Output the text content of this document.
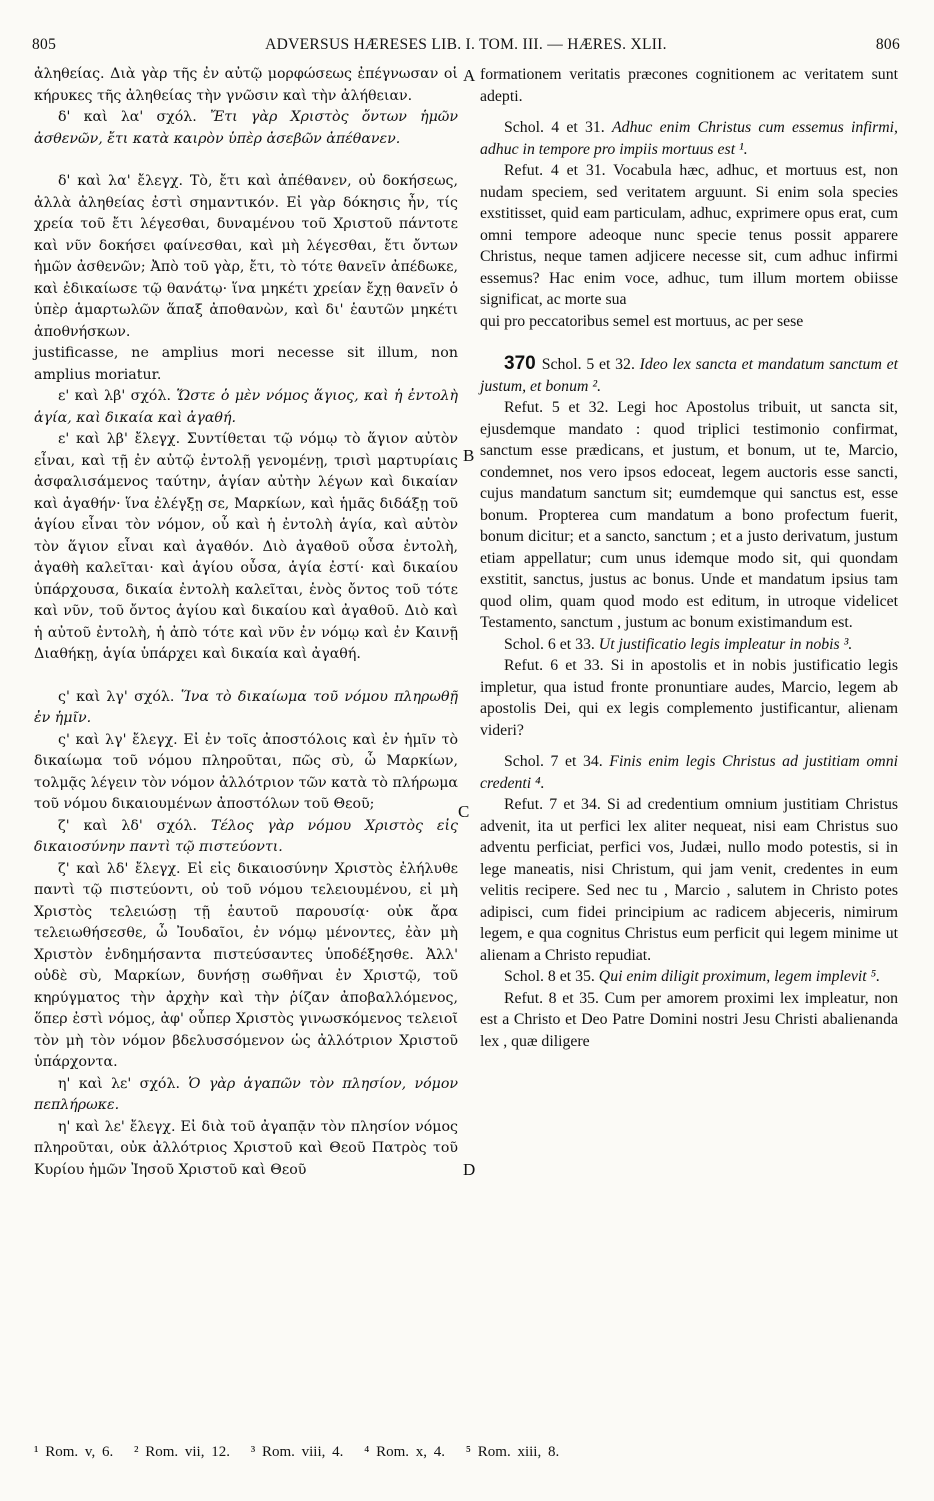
805	ADVERSUS HÆRESES LIB. I. TOM. III. — HÆRES. XLII.	806
A
B
C
D

ἀληθείας. Διὰ γὰρ τῆς ἐν αὐτῷ μορφώσεως ἐπέγνωσαν οἱ κήρυκες τῆς ἀληθείας τὴν γνῶσιν καὶ τὴν ἀλήθειαν.

δ' καὶ λα' σχόλ. Ἔτι γὰρ Χριστὸς ὄντων ἡμῶν ἀσθενῶν, ἔτι κατὰ καιρὸν ὑπὲρ ἀσεβῶν ἀπέθανεν.

δ' καὶ λα' ἔλεγχ. Τὸ, ἔτι καὶ ἀπέθανεν, οὐ δοκήσεως, ἀλλὰ ἀληθείας ἐστὶ σημαντικόν. Εἰ γὰρ δόκησις ἦν, τίς χρεία τοῦ ἔτι λέγεσθαι, δυναμένου τοῦ Χριστοῦ πάντοτε καὶ νῦν δοκήσει φαίνεσθαι, καὶ μὴ λέγεσθαι, ἔτι ὄντων ἡμῶν ἀσθενῶν; Ἀπὸ τοῦ γὰρ, ἔτι, τὸ τότε θανεῖν ἀπέδωκε, καὶ ἐδικαίωσε τῷ θανάτῳ· ἵνα μηκέτι χρείαν ἔχῃ θανεῖν ὁ ὑπὲρ ἁμαρτωλῶν ἅπαξ ἀποθανὼν, καὶ δι' ἑαυτῶν μηκέτι ἀποθνήσκων.

justificasse, ne amplius mori necesse sit illum, non amplius moriatur.

ε' καὶ λβ' σχόλ. Ὥστε ὁ μὲν νόμος ἅγιος, καὶ ἡ ἐντολὴ ἁγία, καὶ δικαία καὶ ἀγαθή.

ε' καὶ λβ' ἔλεγχ. Συντίθεται τῷ νόμῳ τὸ ἅγιον αὐτὸν εἶναι, καὶ τῇ ἐν αὐτῷ ἐντολῇ γενομένῃ, τρισὶ μαρτυρίαις ἀσφαλισάμενος ταύτην, ἁγίαν αὐτὴν λέγων καὶ δικαίαν καὶ ἀγαθήν· ἵνα ἐλέγξῃ σε, Μαρκίων, καὶ ἡμᾶς διδάξῃ τοῦ ἁγίου εἶναι τὸν νόμον, οὗ καὶ ἡ ἐντολὴ ἁγία, καὶ αὐτὸν τὸν ἅγιον εἶναι καὶ ἀγαθόν. Διὸ ἀγαθοῦ οὖσα ἐντολὴ, ἀγαθὴ καλεῖται· καὶ ἁγίου οὖσα, ἁγία ἐστί· καὶ δικαίου ὑπάρχουσα, δικαία ἐντολὴ καλεῖται, ἑνὸς ὄντος τοῦ τότε καὶ νῦν, τοῦ ὄντος ἁγίου καὶ δικαίου καὶ ἀγαθοῦ. Διὸ καὶ ἡ αὐτοῦ ἐντολὴ, ἡ ἀπὸ τότε καὶ νῦν ἐν νόμῳ καὶ ἐν Καινῇ Διαθήκῃ, ἁγία ὑπάρχει καὶ δικαία καὶ ἀγαθή.

ς' καὶ λγ' σχόλ. Ἵνα τὸ δικαίωμα τοῦ νόμου πληρωθῇ ἐν ἡμῖν.

ς' καὶ λγ' ἔλεγχ. Εἰ ἐν τοῖς ἀποστόλοις καὶ ἐν ἡμῖν τὸ δικαίωμα τοῦ νόμου πληροῦται, πῶς σὺ, ὦ Μαρκίων, τολμᾷς λέγειν τὸν νόμον ἀλλότριον τῶν κατὰ τὸ πλήρωμα τοῦ νόμου δικαιουμένων ἀποστόλων τοῦ Θεοῦ;

ζ' καὶ λδ' σχόλ. Τέλος γὰρ νόμου Χριστὸς εἰς δικαιοσύνην παντὶ τῷ πιστεύοντι.

ζ' καὶ λδ' ἔλεγχ. Εἰ εἰς δικαιοσύνην Χριστὸς ἐλήλυθε παντὶ τῷ πιστεύοντι, οὐ τοῦ νόμου τελειουμένου, εἰ μὴ Χριστὸς τελειώσῃ τῇ ἑαυτοῦ παρουσίᾳ· οὐκ ἄρα τελειωθήσεσθε, ὦ Ἰουδαῖοι, ἐν νόμῳ μένοντες, ἐὰν μὴ Χριστὸν ἐνδημήσαντα πιστεύσαντες ὑποδέξησθε. Ἀλλ' οὐδὲ σὺ, Μαρκίων, δυνήσῃ σωθῆναι ἐν Χριστῷ, τοῦ κηρύγματος τὴν ἀρχὴν καὶ τὴν ῥίζαν ἀποβαλλόμενος, ὅπερ ἐστὶ νόμος, ἀφ' οὗπερ Χριστὸς γινωσκόμενος τελειοῖ τὸν μὴ τὸν νόμον βδελυσσόμενον ὡς ἀλλότριον Χριστοῦ ὑπάρχοντα.

η' καὶ λε' σχόλ. Ὁ γὰρ ἀγαπῶν τὸν πλησίον, νόμον πεπλήρωκε.

η' καὶ λε' ἔλεγχ. Εἰ διὰ τοῦ ἀγαπᾷν τὸν πλησίον νόμος πληροῦται, οὐκ ἀλλότριος Χριστοῦ καὶ Θεοῦ Πατρὸς τοῦ Κυρίου ἡμῶν Ἰησοῦ Χριστοῦ καὶ Θεοῦ

formationem veritatis præcones cognitionem ac veritatem sunt adepti.

Schol. 4 et 31. Adhuc enim Christus cum essemus infirmi, adhuc in tempore pro impiis mortuus est ¹.

Refut. 4 et 31. Vocabula hæc, adhuc, et mortuus est, non nudam speciem, sed veritatem arguunt. Si enim sola species exstitisset, quid eam particulam, adhuc, exprimere opus erat, cum omni tempore adeoque nunc specie tenus possit apparere Christus, neque tamen adjicere necesse sit, cum adhuc infirmi essemus? Hac enim voce, adhuc, tum illum mortem obiisse significat, ac morte sua

qui pro peccatoribus semel est mortuus, ac per sese

370 Schol. 5 et 32. Ideo lex sancta et mandatum sanctum et justum, et bonum ².

Refut. 5 et 32. Legi hoc Apostolus tribuit, ut sancta sit, ejusdemque mandato : quod triplici testimonio confirmat, sanctum esse prædicans, et justum, et bonum, ut te, Marcio, condemnet, nos vero ipsos edoceat, legem auctoris esse sancti, cujus mandatum sanctum sit; eumdemque qui sanctus est, esse bonum. Propterea cum mandatum a bono profectum fuerit, bonum dicitur; et a sancto, sanctum ; et a justo derivatum, justum etiam appellatur; cum unus idemque modo sit, qui quondam exstitit, sanctus, justus ac bonus. Unde et mandatum ipsius tam quod olim, quam quod modo est editum, in utroque videlicet Testamento, sanctum , justum ac bonum existimandum est.

Schol. 6 et 33. Ut justificatio legis impleatur in nobis ³.

Refut. 6 et 33. Si in apostolis et in nobis justificatio legis impletur, qua istud fronte pronuntiare audes, Marcio, legem ab apostolis Dei, qui ex legis complemento justificantur, alienam videri?

Schol. 7 et 34. Finis enim legis Christus ad justitiam omni credenti ⁴.

Refut. 7 et 34. Si ad credentium omnium justitiam Christus advenit, ita ut perfici lex aliter nequeat, nisi eam Christus suo adventu perficiat, perfici vos, Judæi, nullo modo potestis, si in lege maneatis, nisi Christum, qui jam venit, credentes in eum velitis recipere. Sed nec tu , Marcio , salutem in Christo potes adipisci, cum fidei principium ac radicem abjeceris, nimirum legem, e qua cognitus Christus eum perficit qui legem minime ut alienam a Christo repudiat.

Schol. 8 et 35. Qui enim diligit proximum, legem implevit ⁵.

Refut. 8 et 35. Cum per amorem proximi lex impleatur, non est a Christo et Deo Patre Domini nostri Jesu Christi abalienanda lex , quæ diligere

¹ Rom. v, 6. ² Rom. vii, 12. ³ Rom. viii, 4. ⁴ Rom. x, 4. ⁵ Rom. xiii, 8.
